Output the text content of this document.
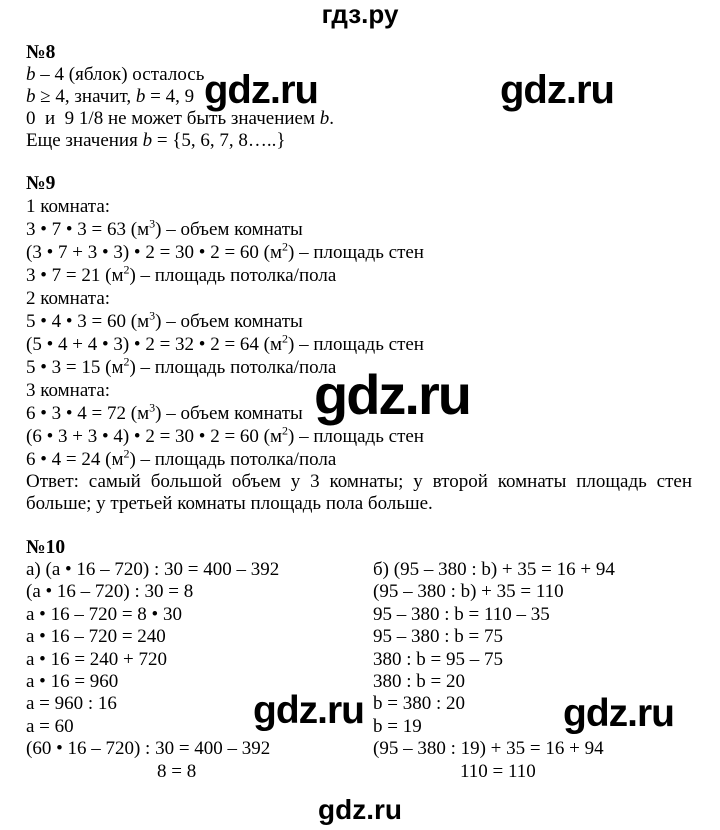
гдз.ру
gdz.ru	gdz.ru
gdz.ru
gdz.ru	gdz.ru
gdz.ru
№8
b – 4 (яблок) осталось
b ≥ 4, значит, b = 4, 9
0  и  9 1/8 не может быть значением b.
Еще значения b = {5, 6, 7, 8…..}
№9
1 комната:
3 • 7 • 3 = 63 $(м^3)$ – объем комнаты
(3 • 7 + 3 • 3) • 2 = 30 • 2 = 60 $(м^2)$ – площадь стен
3 • 7 = 21 $(м^2)$ – площадь потолка/пола
2 комната:
5 • 4 • 3 = 60 $(м^3)$ – объем комнаты
(5 • 4 + 4 • 3) • 2 = 32 • 2 = 64 $(м^2)$ – площадь стен
5 • 3 = 15 $(м^2)$ – площадь потолка/пола
3 комната:
6 • 3 • 4 = 72 $(м^3)$ – объем комнаты
(6 • 3 + 3 • 4) • 2 = 30 • 2 = 60 $(м^2)$ – площадь стен
6 • 4 = 24 $(м^2)$ – площадь потолка/пола
Ответ: самый большой объем у 3 комнаты; у второй комнаты площадь стен
больше; у третьей комнаты площадь пола больше.
№10
а) (а • 16 – 720) : 30 = 400 – 392
(а • 16 – 720) : 30 = 8
а • 16 – 720 = 8 • 30
а • 16 – 720 = 240
а • 16 = 240 + 720
а • 16 = 960
а = 960 : 16
а = 60
(60 • 16 – 720) : 30 = 400 – 392
8 = 8
б) (95 – 380 : b) + 35 = 16 + 94
(95 – 380 : b) + 35 = 110
95 – 380 : b = 110 – 35
95 – 380 : b = 75
380 : b = 95 – 75
380 : b = 20
b = 380 : 20
b = 19
(95 – 380 : 19) + 35 = 16 + 94
110 = 110
